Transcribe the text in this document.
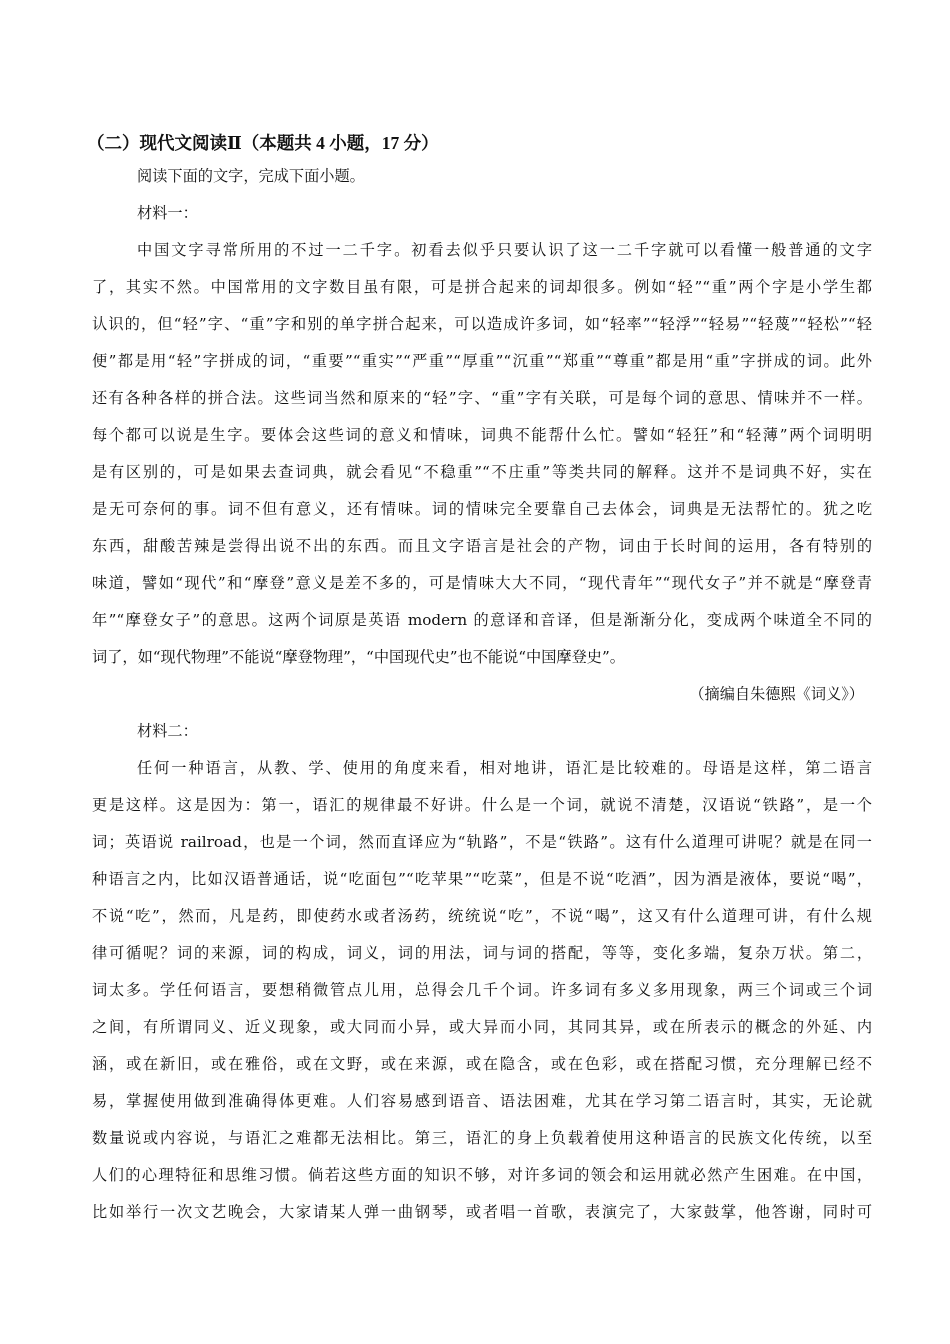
（二）现代文阅读Ⅱ（本题共 4 小题，17 分）
阅读下面的文字，完成下面小题。
材料一：
中国文字寻常所用的不过一二千字。初看去似乎只要认识了这一二千字就可以看懂一般普通的文字
了，其实不然。中国常用的文字数目虽有限，可是拼合起来的词却很多。例如“轻”“重”两个字是小学生都
认识的，但“轻”字、“重”字和别的单字拼合起来，可以造成许多词，如“轻率”“轻浮”“轻易”“轻蔑”“轻松”“轻
便”都是用“轻”字拼成的词，“重要”“重实”“严重”“厚重”“沉重”“郑重”“尊重”都是用“重”字拼成的词。此外
还有各种各样的拼合法。这些词当然和原来的“轻”字、“重”字有关联，可是每个词的意思、情味并不一样。
每个都可以说是生字。要体会这些词的意义和情味，词典不能帮什么忙。譬如“轻狂”和“轻薄”两个词明明
是有区别的，可是如果去查词典，就会看见“不稳重”“不庄重”等类共同的解释。这并不是词典不好，实在
是无可奈何的事。词不但有意义，还有情味。词的情味完全要靠自己去体会，词典是无法帮忙的。犹之吃
东西，甜酸苦辣是尝得出说不出的东西。而且文字语言是社会的产物，词由于长时间的运用，各有特别的
味道，譬如“现代”和“摩登”意义是差不多的，可是情味大大不同，“现代青年”“现代女子”并不就是“摩登青
年”“摩登女子”的意思。这两个词原是英语 modern 的意译和音译，但是渐渐分化，变成两个味道全不同的
词了，如“现代物理”不能说“摩登物理”，“中国现代史”也不能说“中国摩登史”。
（摘编自朱德熙《词义》）
材料二：
任何一种语言，从教、学、使用的角度来看，相对地讲，语汇是比较难的。母语是这样，第二语言
更是这样。这是因为：第一，语汇的规律最不好讲。什么是一个词，就说不清楚，汉语说“铁路”，是一个
词；英语说 railroad，也是一个词，然而直译应为“轨路”，不是“铁路”。这有什么道理可讲呢？就是在同一
种语言之内，比如汉语普通话，说“吃面包”“吃苹果”“吃菜”，但是不说“吃酒”，因为酒是液体，要说“喝”，
不说“吃”，然而，凡是药，即使药水或者汤药，统统说“吃”，不说“喝”，这又有什么道理可讲，有什么规
律可循呢？词的来源，词的构成，词义，词的用法，词与词的搭配，等等，变化多端，复杂万状。第二，
词太多。学任何语言，要想稍微管点儿用，总得会几千个词。许多词有多义多用现象，两三个词或三个词
之间，有所谓同义、近义现象，或大同而小异，或大异而小同，其同其异，或在所表示的概念的外延、内
涵，或在新旧，或在雅俗，或在文野，或在来源，或在隐含，或在色彩，或在搭配习惯，充分理解已经不
易，掌握使用做到准确得体更难。人们容易感到语音、语法困难，尤其在学习第二语言时，其实，无论就
数量说或内容说，与语汇之难都无法相比。第三，语汇的身上负载着使用这种语言的民族文化传统，以至
人们的心理特征和思维习惯。倘若这些方面的知识不够，对许多词的领会和运用就必然产生困难。在中国，
比如举行一次文艺晚会，大家请某人弹一曲钢琴，或者唱一首歌，表演完了，大家鼓掌，他答谢，同时可
